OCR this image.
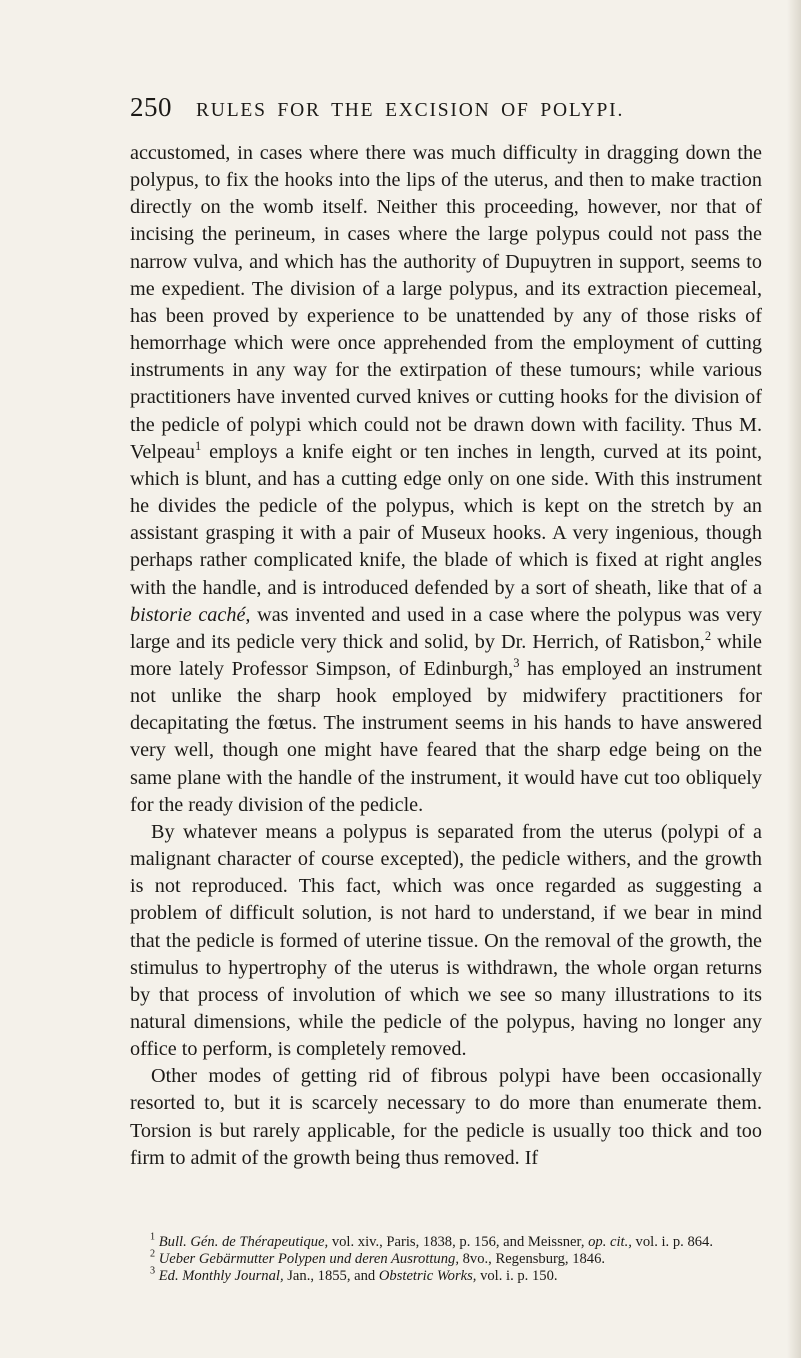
250 RULES FOR THE EXCISION OF POLYPI.

accustomed, in cases where there was much difficulty in dragging down the polypus, to fix the hooks into the lips of the uterus, and then to make traction directly on the womb itself. Neither this proceeding, however, nor that of incising the perineum, in cases where the large polypus could not pass the narrow vulva, and which has the authority of Dupuytren in support, seems to me expedient. The division of a large polypus, and its extraction piecemeal, has been proved by experience to be unattended by any of those risks of hemorrhage which were once apprehended from the employment of cutting instruments in any way for the extirpation of these tumours; while various practitioners have invented curved knives or cutting hooks for the division of the pedicle of polypi which could not be drawn down with facility. Thus M. Velpeau$^1$ employs a knife eight or ten inches in length, curved at its point, which is blunt, and has a cutting edge only on one side. With this instrument he divides the pedicle of the polypus, which is kept on the stretch by an assistant grasping it with a pair of Museux hooks. A very ingenious, though perhaps rather complicated knife, the blade of which is fixed at right angles with the handle, and is introduced defended by a sort of sheath, like that of a bistorie caché, was invented and used in a case where the polypus was very large and its pedicle very thick and solid, by Dr. Herrich, of Ratisbon,$^2$ while more lately Professor Simpson, of Edinburgh,$^3$ has employed an instrument not unlike the sharp hook employed by midwifery practitioners for decapitating the fœtus. The instrument seems in his hands to have answered very well, though one might have feared that the sharp edge being on the same plane with the handle of the instrument, it would have cut too obliquely for the ready division of the pedicle.

By whatever means a polypus is separated from the uterus (polypi of a malignant character of course excepted), the pedicle withers, and the growth is not reproduced. This fact, which was once regarded as suggesting a problem of difficult solution, is not hard to understand, if we bear in mind that the pedicle is formed of uterine tissue. On the removal of the growth, the stimulus to hypertrophy of the uterus is withdrawn, the whole organ returns by that process of involution of which we see so many illustrations to its natural dimensions, while the pedicle of the polypus, having no longer any office to perform, is completely removed.

Other modes of getting rid of fibrous polypi have been occasionally resorted to, but it is scarcely necessary to do more than enumerate them. Torsion is but rarely applicable, for the pedicle is usually too thick and too firm to admit of the growth being thus removed. If

$^1$ Bull. Gén. de Thérapeutique, vol. xiv., Paris, 1838, p. 156, and Meissner, op. cit., vol. i. p. 864.

$^2$ Ueber Gebärmutter Polypen und deren Ausrottung, 8vo., Regensburg, 1846.

$^3$ Ed. Monthly Journal, Jan., 1855, and Obstetric Works, vol. i. p. 150.
